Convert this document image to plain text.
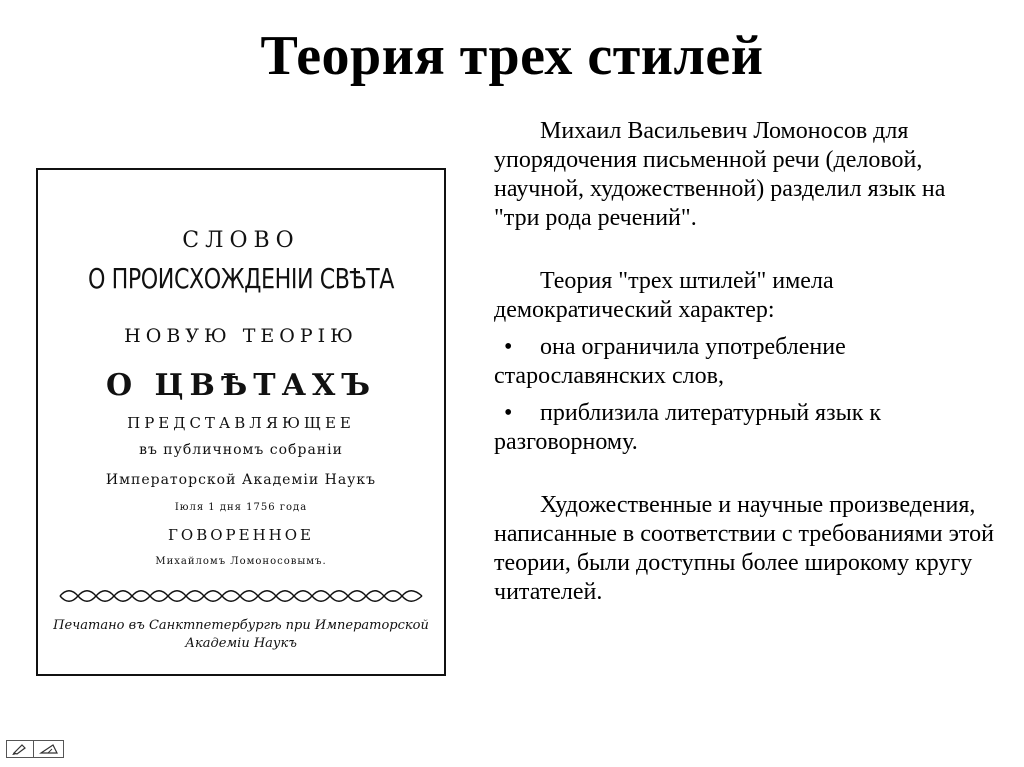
Теория трех стилей
СЛОВО
О ПРОИСХОЖДЕНІИ СВѢТА
НОВУЮ ТЕОРІЮ
О ЦВѢТАХЪ
ПРЕДСТАВЛЯЮЩЕЕ
въ публичномъ собраніи
Императорской Академіи Наукъ
Іюля 1 дня 1756 года
ГОВОРЕННОЕ
Михайломъ Ломоносовымъ.
Печатано въ Санктпетербургѣ при Императорской
Академіи Наукъ

Михаил Васильевич Ломоносов для упорядочения письменной речи (деловой, научной, художественной) разделил язык на "три рода речений".

Теория "трех штилей" имела демократический характер:

• она ограничила употребление старославянских слов,

• приблизила литературный язык к разговорному.

Художественные и научные произведения, написанные в соответствии с требованиями этой теории, были доступны более широкому кругу читателей.
